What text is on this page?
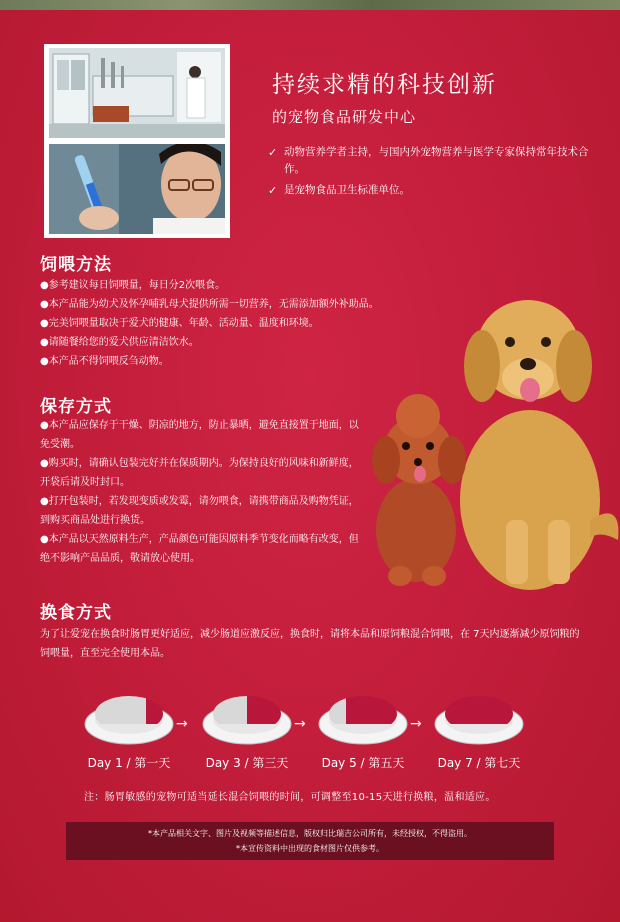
持续求精的科技创新
的宠物食品研发中心
✓ 动物营养学者主持，与国内外宠物营养与医学专家保持常年技术合作。
✓ 是宠物食品卫生标准单位。
饲喂方法
●参考建议每日饲喂量，每日分2次喂食。
●本产品能为幼犬及怀孕哺乳母犬提供所需一切营养，无需添加额外补助品。
●完美饲喂量取决于爱犬的健康、年龄、活动量、温度和环境。
●请随餐给您的爱犬供应清洁饮水。
●本产品不得饲喂反刍动物。
保存方式
●本产品应保存于干燥、阴凉的地方，防止暴晒，避免直接置于地面，以免受潮。
●购买时，请确认包装完好并在保质期内。为保持良好的风味和新鲜度，开袋后请及时封口。
●打开包装时，若发现变质或发霉，请勿喂食，请携带商品及购物凭证，到购买商品处进行换货。
●本产品以天然原料生产，产品颜色可能因原料季节变化而略有改变，但绝不影响产品品质，敬请放心使用。
换食方式
为了让爱宠在换食时肠胃更好适应，减少肠道应激反应，换食时，请将本品和原饲粮混合饲喂，在 7天内逐渐减少原饲粮的饲喂量，直至完全使用本品。
Day 1 / 第一天
→
Day 3 / 第三天
→
Day 5 / 第五天
→
Day 7 / 第七天
注：肠胃敏感的宠物可适当延长混合饲喂的时间，可调整至10-15天进行换粮，温和适应。
*本产品相关文字、图片及视频等描述信息，版权归比瑞吉公司所有，未经授权，不得盗用。
*本宣传资料中出现的食材图片仅供参考。
